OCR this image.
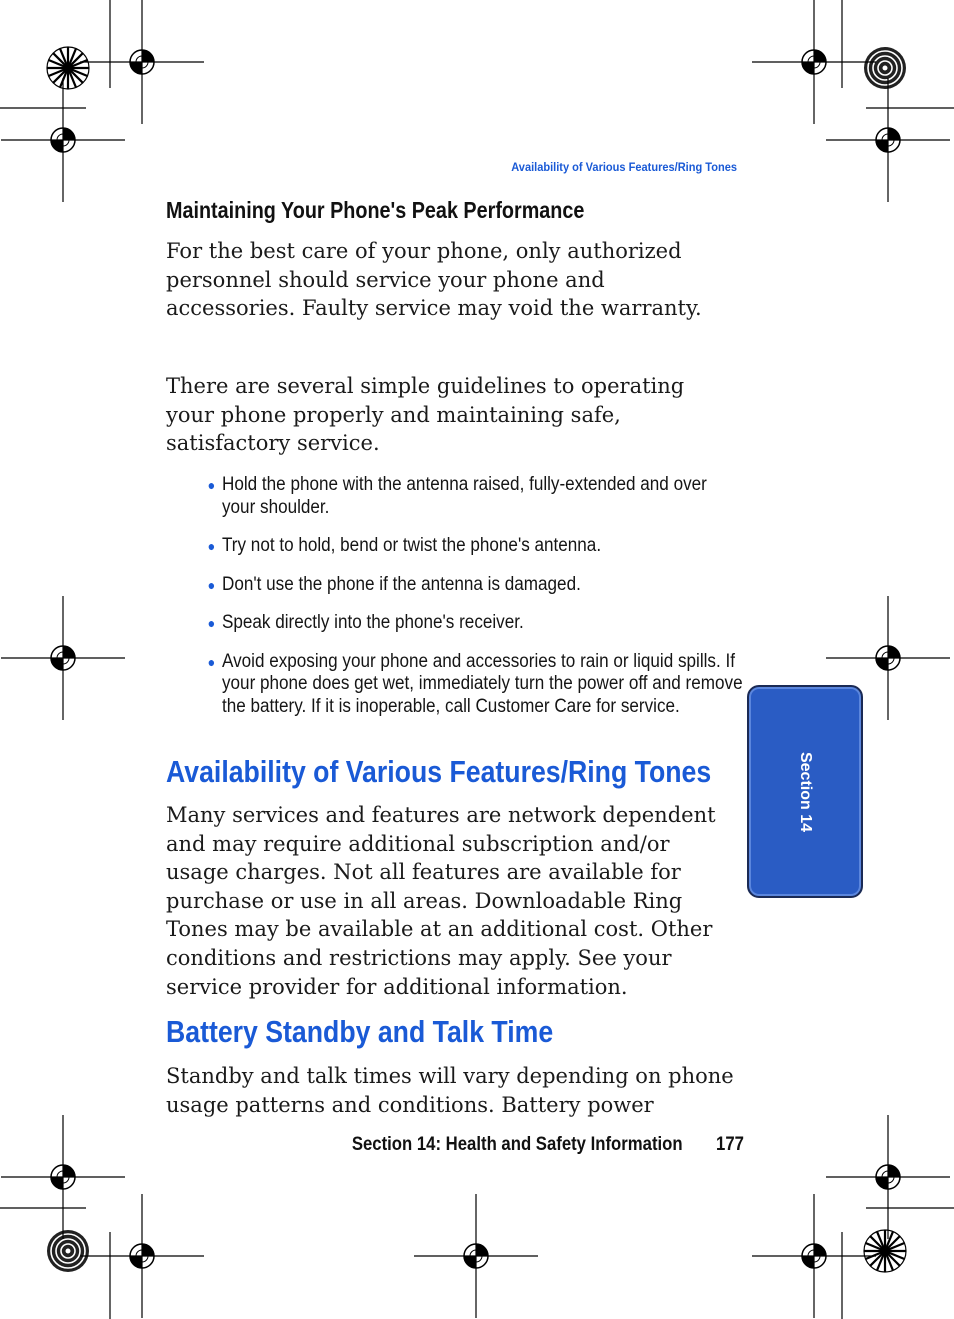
Availability of Various Features/Ring Tones
Maintaining Your Phone's Peak Performance

For the best care of your phone, only authorized personnel should service your phone and accessories. Faulty service may void the warranty.

There are several simple guidelines to operating your phone properly and maintaining safe, satisfactory service.

● Hold the phone with the antenna raised, fully-extended and over your shoulder.
● Try not to hold, bend or twist the phone's antenna.
● Don't use the phone if the antenna is damaged.
● Speak directly into the phone's receiver.
● Avoid exposing your phone and accessories to rain or liquid spills. If your phone does get wet, immediately turn the power off and remove the battery. If it is inoperable, call Customer Care for service.
Availability of Various Features/Ring Tones

Many services and features are network dependent and may require additional subscription and/or usage charges. Not all features are available for purchase or use in all areas. Downloadable Ring Tones may be available at an additional cost. Other conditions and restrictions may apply. See your service provider for additional information.

Battery Standby and Talk Time

Standby and talk times will vary depending on phone usage patterns and conditions. Battery power

Section 14: Health and Safety Information 177
Section 14
